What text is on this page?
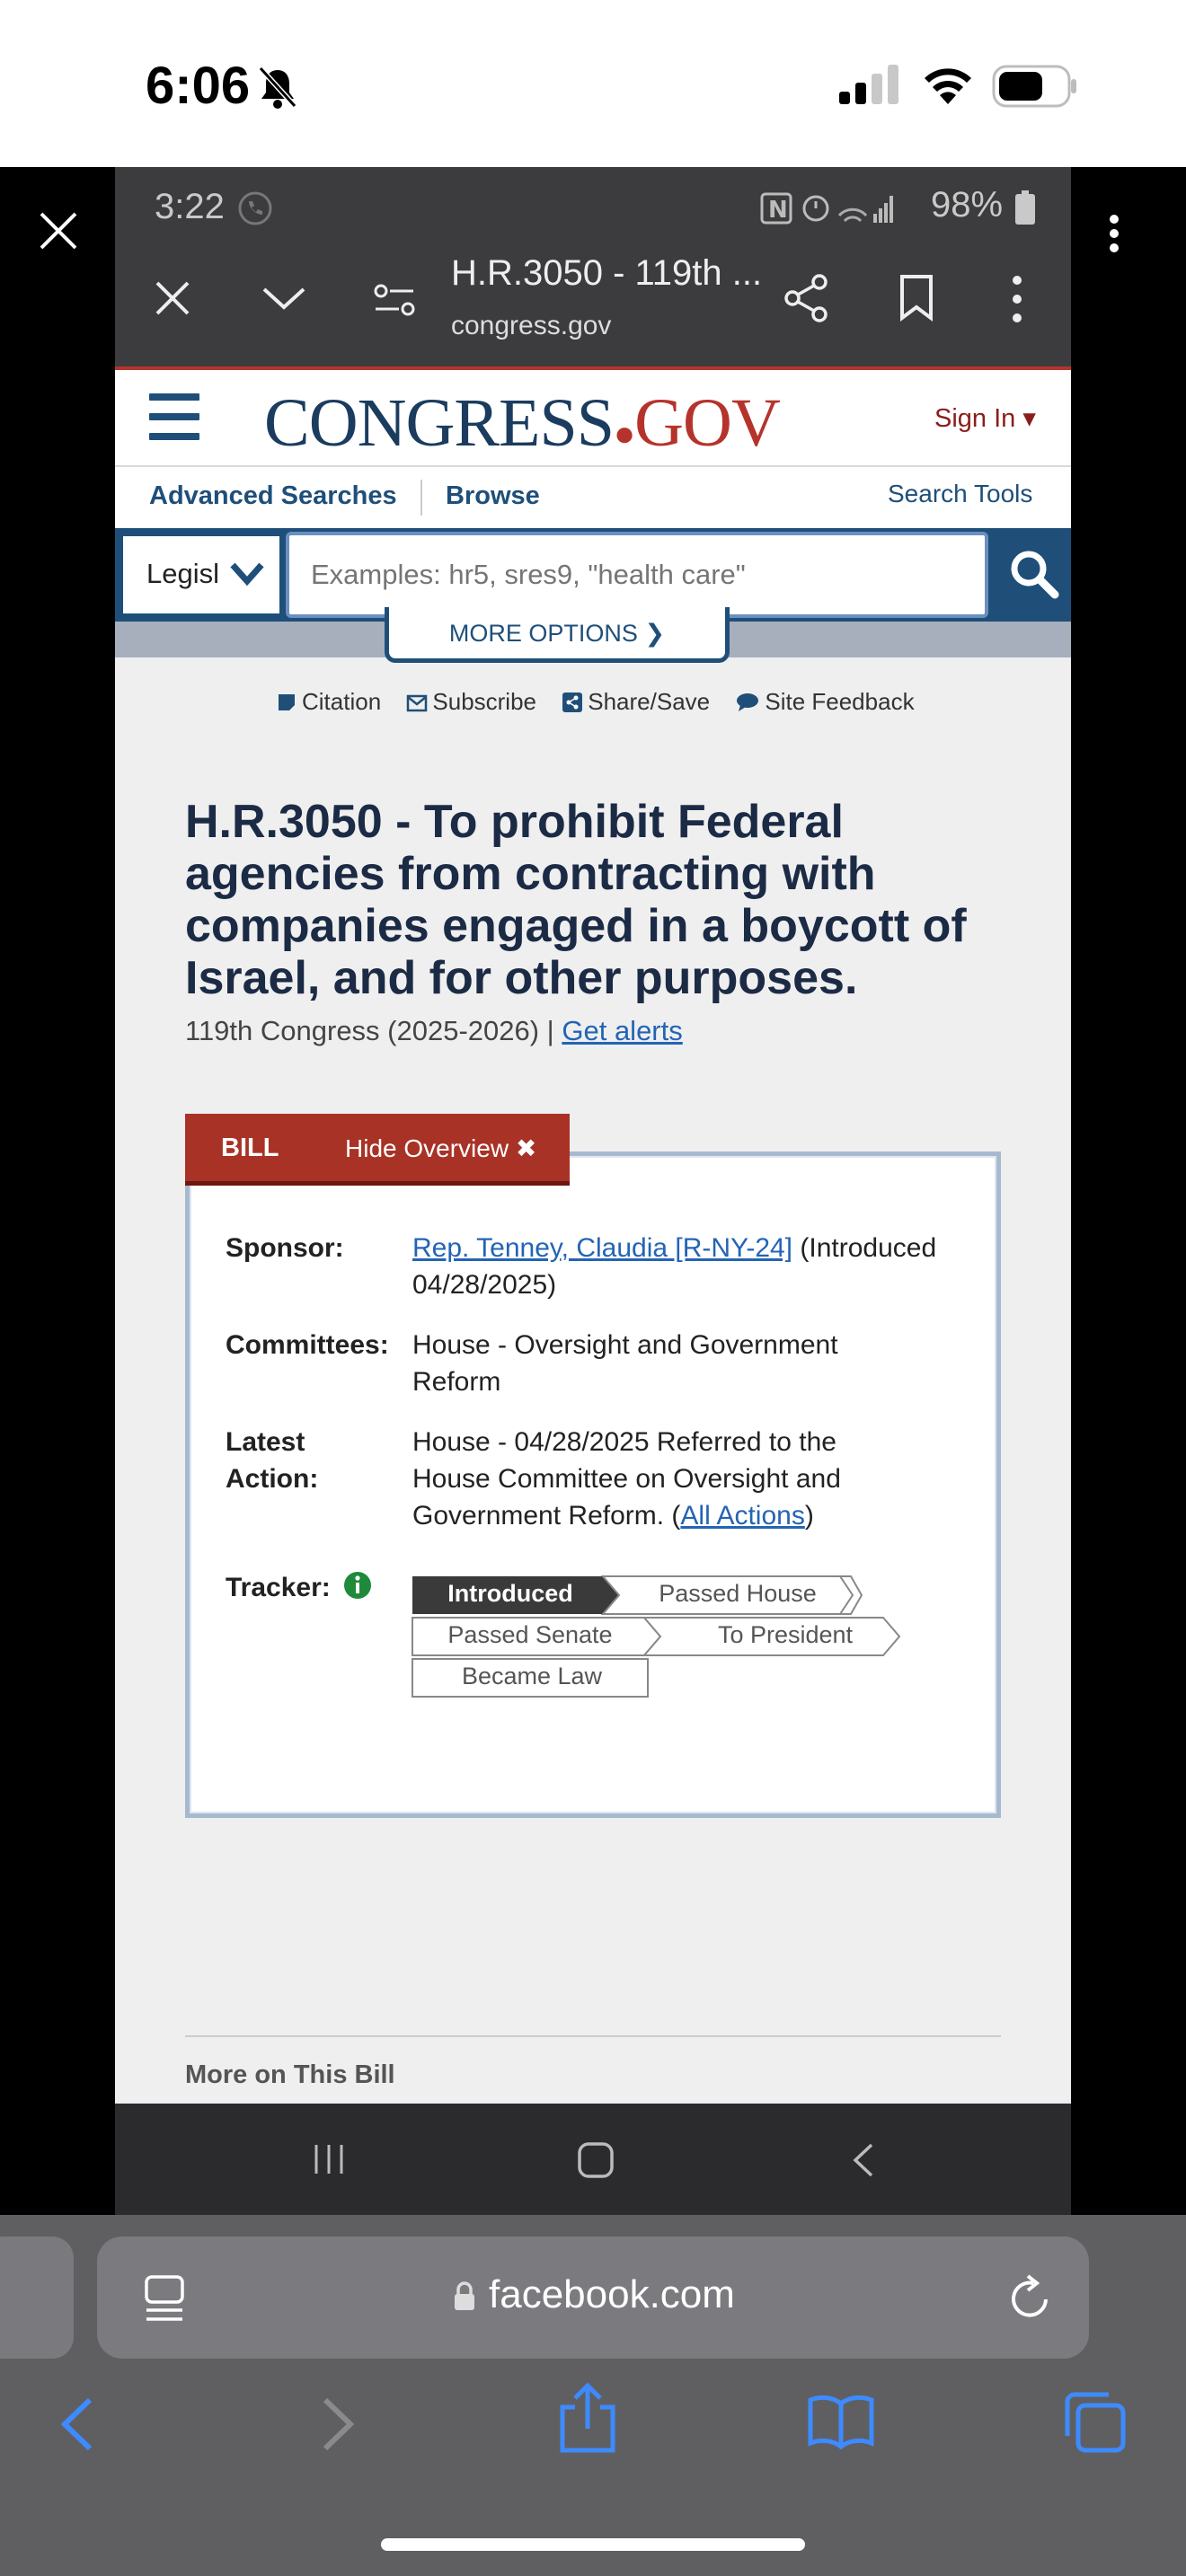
6:06
3:22	N	98%
H.R.3050 - 119th ...
congress.gov
CONGRESS●GOV	Sign In ▾
Advanced Searches Browse	Search Tools
Legisl
Examples: hr5, sres9, "health care"
MORE OPTIONS ❯
Citation Subscribe Share/Save Site Feedback
H.R.3050 - To prohibit Federal agencies from contracting with companies engaged in a boycott of Israel, and for other purposes.
119th Congress (2025-2026) | Get alerts
Sponsor:	Rep. Tenney, Claudia [R-NY-24] (Introduced 04/28/2025)
Committees: House - Oversight and Government Reform
Latest Action:
House - 04/28/2025 Referred to the House Committee on Oversight and Government Reform. (All Actions)
Tracker:	Introduced	Passed House
Passed Senate	To President
Became Law
BILL	Hide Overview ✖
More on This Bill
facebook.com
